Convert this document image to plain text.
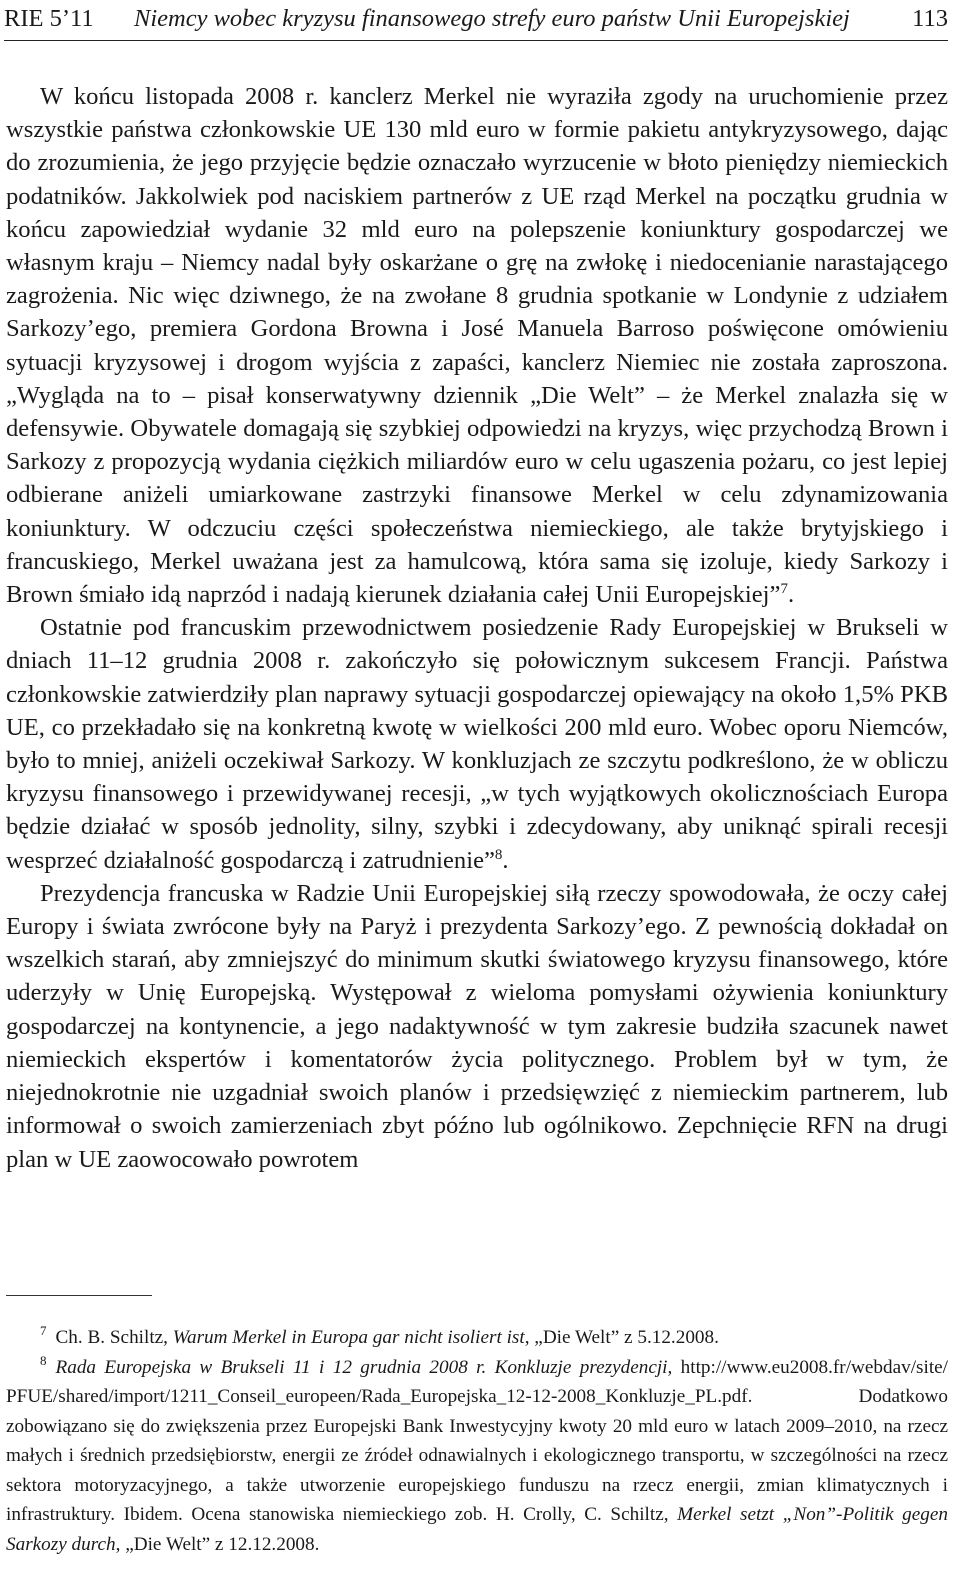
RIE 5’11 Niemcy wobec kryzysu finansowego strefy euro państw Unii Europejskiej	113

W końcu listopada 2008 r. kanclerz Merkel nie wyraziła zgody na uruchomienie przez wszystkie państwa członkowskie UE 130 mld euro w formie pakietu antykryzysowego, dając do zrozumienia, że jego przyjęcie będzie oznaczało wyrzucenie w błoto pieniędzy niemieckich podatników. Jakkolwiek pod naciskiem partnerów z UE rząd Merkel na początku grudnia w końcu zapowiedział wydanie 32 mld euro na polepszenie koniunktury gospodarczej we własnym kraju – Niemcy nadal były oskarżane o grę na zwłokę i niedocenianie narastającego zagrożenia. Nic więc dziwnego, że na zwołane 8 grudnia spotkanie w Londynie z udziałem Sarkozy’ego, premiera Gordona Browna i José Manuela Barroso poświęcone omówieniu sytuacji kryzysowej i drogom wyjścia z zapaści, kanclerz Niemiec nie została zaproszona. „Wygląda na to – pisał konserwatywny dziennik „Die Welt” – że Merkel znalazła się w defensywie. Obywatele domagają się szybkiej odpowiedzi na kryzys, więc przychodzą Brown i Sarkozy z propozycją wydania ciężkich miliardów euro w celu ugaszenia pożaru, co jest lepiej odbierane aniżeli umiarkowane zastrzyki finansowe Merkel w celu zdynamizowania koniunktury. W odczuciu części społeczeństwa niemieckiego, ale także brytyjskiego i francuskiego, Merkel uważana jest za hamulcową, która sama się izoluje, kiedy Sarkozy i Brown śmiało idą naprzód i nadają kierunek działania całej Unii Europejskiej”$^7$.

Ostatnie pod francuskim przewodnictwem posiedzenie Rady Europejskiej w Brukseli w dniach 11–12 grudnia 2008 r. zakończyło się połowicznym sukcesem Francji. Państwa członkowskie zatwierdziły plan naprawy sytuacji gospodarczej opiewający na około 1,5% PKB UE, co przekładało się na konkretną kwotę w wielkości 200 mld euro. Wobec oporu Niemców, było to mniej, aniżeli oczekiwał Sarkozy. W konkluzjach ze szczytu podkreślono, że w obliczu kryzysu finansowego i przewidywanej recesji, „w tych wyjątkowych okolicznościach Europa będzie działać w sposób jednolity, silny, szybki i zdecydowany, aby uniknąć spirali recesji wesprzeć działalność gospodarczą i zatrudnienie”$^8$.

Prezydencja francuska w Radzie Unii Europejskiej siłą rzeczy spowodowała, że oczy całej Europy i świata zwrócone były na Paryż i prezydenta Sarkozy’ego. Z pewnością dokładał on wszelkich starań, aby zmniejszyć do minimum skutki światowego kryzysu finansowego, które uderzyły w Unię Europejską. Występował z wieloma pomysłami ożywienia koniunktury gospodarczej na kontynencie, a jego nadaktywność w tym zakresie budziła szacunek nawet niemieckich ekspertów i komentatorów życia politycznego. Problem był w tym, że niejednokrotnie nie uzgadniał swoich planów i przedsięwzięć z niemieckim partnerem, lub informował o swoich zamierzeniach zbyt późno lub ogólnikowo. Zepchnięcie RFN na drugi plan w UE zaowocowało powrotem

$^7$ Ch. B. Schiltz, Warum Merkel in Europa gar nicht isoliert ist, „Die Welt” z 5.12.2008.

$^8$ Rada Europejska w Brukseli 11 i 12 grudnia 2008 r. Konkluzje prezydencji, http:/​/​www.eu2008.fr/​webdav/​site/​PFUE/​shared/​import/​1211_​Conseil_​europeen/​Rada_​Europejska_​12-12-2008_​Konkluzje_​PL.pdf. Dodatkowo zobowiązano się do zwiększenia przez Europejski Bank Inwestycyjny kwoty 20 mld euro w latach 2009–2010, na rzecz małych i średnich przedsiębiorstw, energii ze źródeł odnawialnych i ekologicznego transportu, w szczególności na rzecz sektora motoryzacyjnego, a także utworzenie europejskiego funduszu na rzecz energii, zmian klimatycznych i infrastruktury. Ibidem. Ocena stanowiska niemieckiego zob. H. Crolly, C. Schiltz, Merkel setzt „Non”-Politik gegen Sarkozy durch, „Die Welt” z 12.12.2008.
